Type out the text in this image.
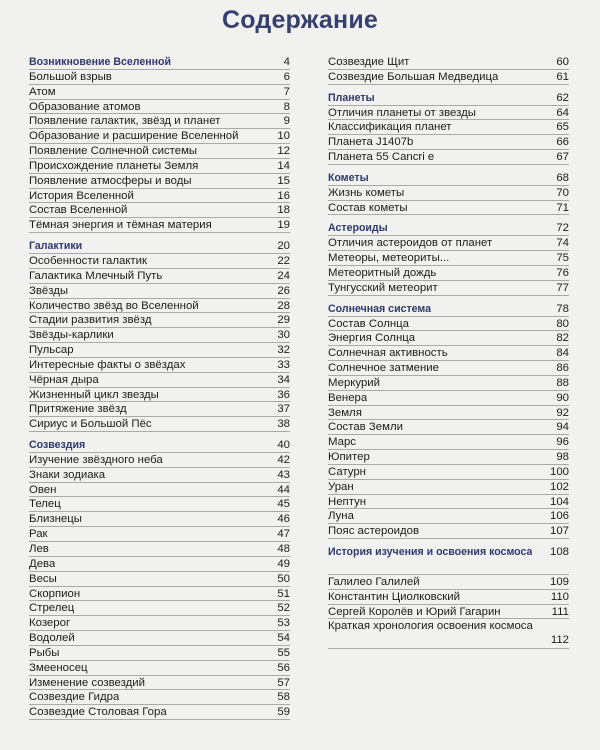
Содержание
Возникновение Вселенной	4
Большой взрыв	6
Атом	7
Образование атомов	8
Появление галактик, звёзд и планет	9
Образование и расширение Вселенной	10
Появление Солнечной системы	12
Происхождение планеты Земля	14
Появление атмосферы и воды	15
История Вселенной	16
Состав Вселенной	18
Тёмная энергия и тёмная материя	19
Галактики	20
Особенности галактик	22
Галактика Млечный Путь	24
Звёзды	26
Количество звёзд во Вселенной	28
Стадии развития звёзд	29
Звёзды-карлики	30
Пульсар	32
Интересные факты о звёздах	33
Чёрная дыра	34
Жизненный цикл звезды	36
Притяжение звёзд	37
Сириус и Большой Пёс	38
Созвездия	40
Изучение звёздного неба	42
Знаки зодиака	43
Овен	44
Телец	45
Близнецы	46
Рак	47
Лев	48
Дева	49
Весы	50
Скорпион	51
Стрелец	52
Козерог	53
Водолей	54
Рыбы	55
Змееносец	56
Изменение созвездий	57
Созвездие Гидра	58
Созвездие Столовая Гора	59
Созвездие Щит	60
Созвездие Большая Медведица	61
Планеты	62
Отличия планеты от звезды	64
Классификация планет	65
Планета J1407b	66
Планета 55 Cancri e	67
Кометы	68
Жизнь кометы	70
Состав кометы	71
Астероиды	72
Отличия астероидов от планет	74
Метеоры, метеориты...	75
Метеоритный дождь	76
Тунгусский метеорит	77
Солнечная система	78
Состав Солнца	80
Энергия Солнца	82
Солнечная активность	84
Солнечное затмение	86
Меркурий	88
Венера	90
Земля	92
Состав Земли	94
Марс	96
Юпитер	98
Сатурн	100
Уран	102
Нептун	104
Луна	106
Пояс астероидов	107
История изучения и освоения космоса	108
Галилео Галилей	109
Константин Циолковский	110
Сергей Королёв и Юрий Гагарин	111
Краткая хронология освоения космоса
112
